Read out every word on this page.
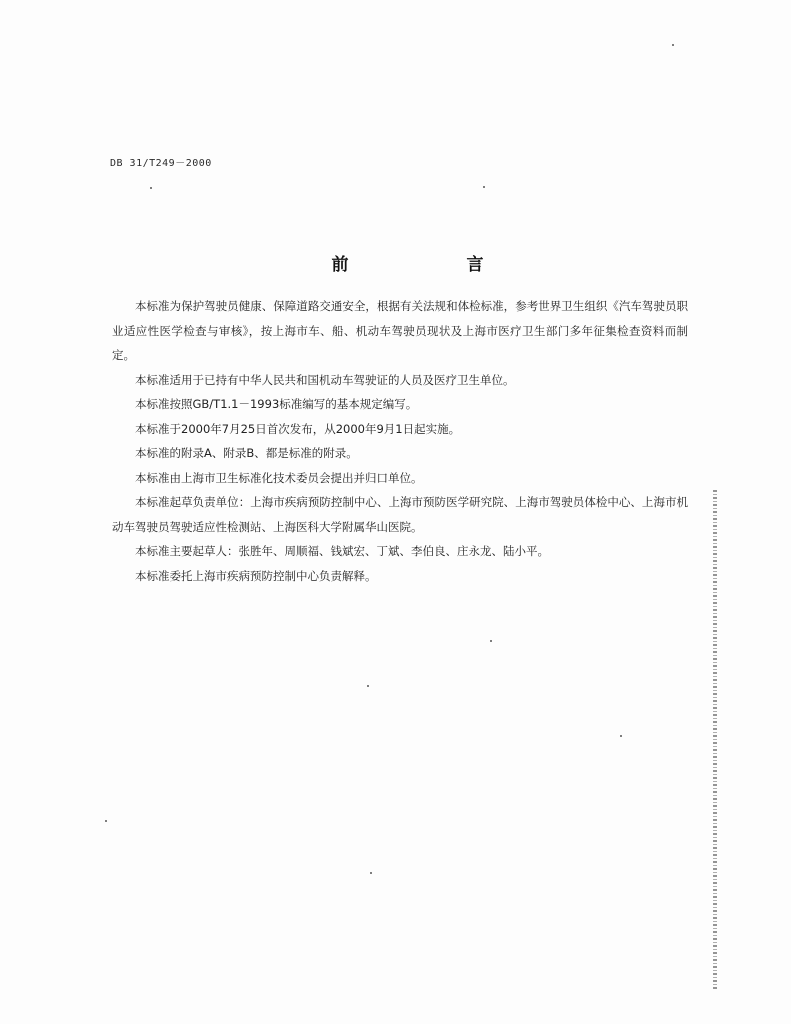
DB 31/T249－2000
前 言

本标准为保护驾驶员健康、保障道路交通安全，根据有关法规和体检标准，参考世界卫生组织《汽车驾驶员职业适应性医学检查与审核》，按上海市车、船、机动车驾驶员现状及上海市医疗卫生部门多年征集检查资料而制定。

本标准适用于已持有中华人民共和国机动车驾驶证的人员及医疗卫生单位。

本标准按照GB/T1.1－1993标准编写的基本规定编写。

本标准于2000年7月25日首次发布，从2000年9月1日起实施。

本标准的附录A、附录B、都是标准的附录。

本标准由上海市卫生标准化技术委员会提出并归口单位。

本标准起草负责单位：上海市疾病预防控制中心、上海市预防医学研究院、上海市驾驶员体检中心、上海市机动车驾驶员驾驶适应性检测站、上海医科大学附属华山医院。

本标准主要起草人：张胜年、周顺福、钱斌宏、丁斌、李伯良、庄永龙、陆小平。

本标准委托上海市疾病预防控制中心负责解释。
